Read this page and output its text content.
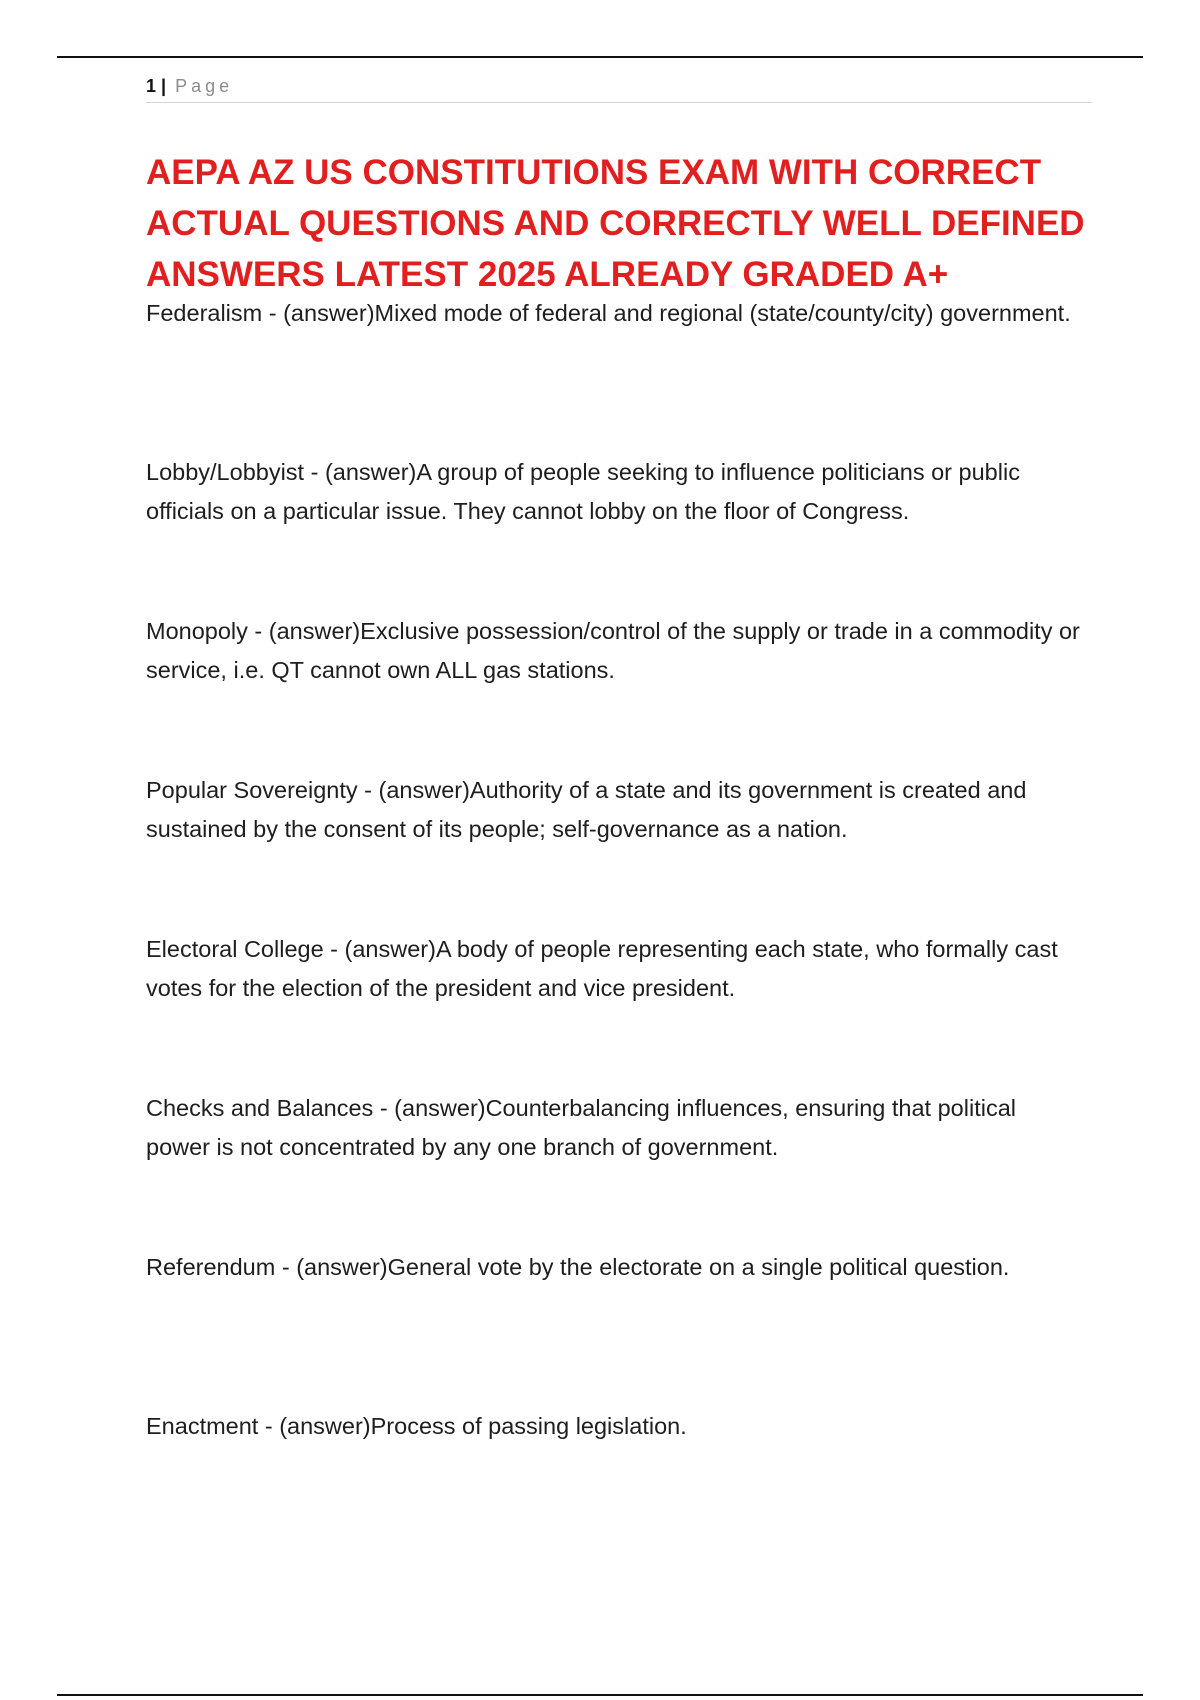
1 | Page
AEPA AZ US CONSTITUTIONS EXAM WITH CORRECT ACTUAL QUESTIONS AND CORRECTLY WELL DEFINED ANSWERS LATEST 2025 ALREADY GRADED A+

Federalism - (answer)Mixed mode of federal and regional (state/county/city) government.

Lobby/Lobbyist - (answer)A group of people seeking to influence politicians or public officials on a particular issue. They cannot lobby on the floor of Congress.

Monopoly - (answer)Exclusive possession/control of the supply or trade in a commodity or service, i.e. QT cannot own ALL gas stations.

Popular Sovereignty - (answer)Authority of a state and its government is created and sustained by the consent of its people; self-governance as a nation.

Electoral College - (answer)A body of people representing each state, who formally cast votes for the election of the president and vice president.

Checks and Balances - (answer)Counterbalancing influences, ensuring that political power is not concentrated by any one branch of government.

Referendum - (answer)General vote by the electorate on a single political question.

Enactment - (answer)Process of passing legislation.
